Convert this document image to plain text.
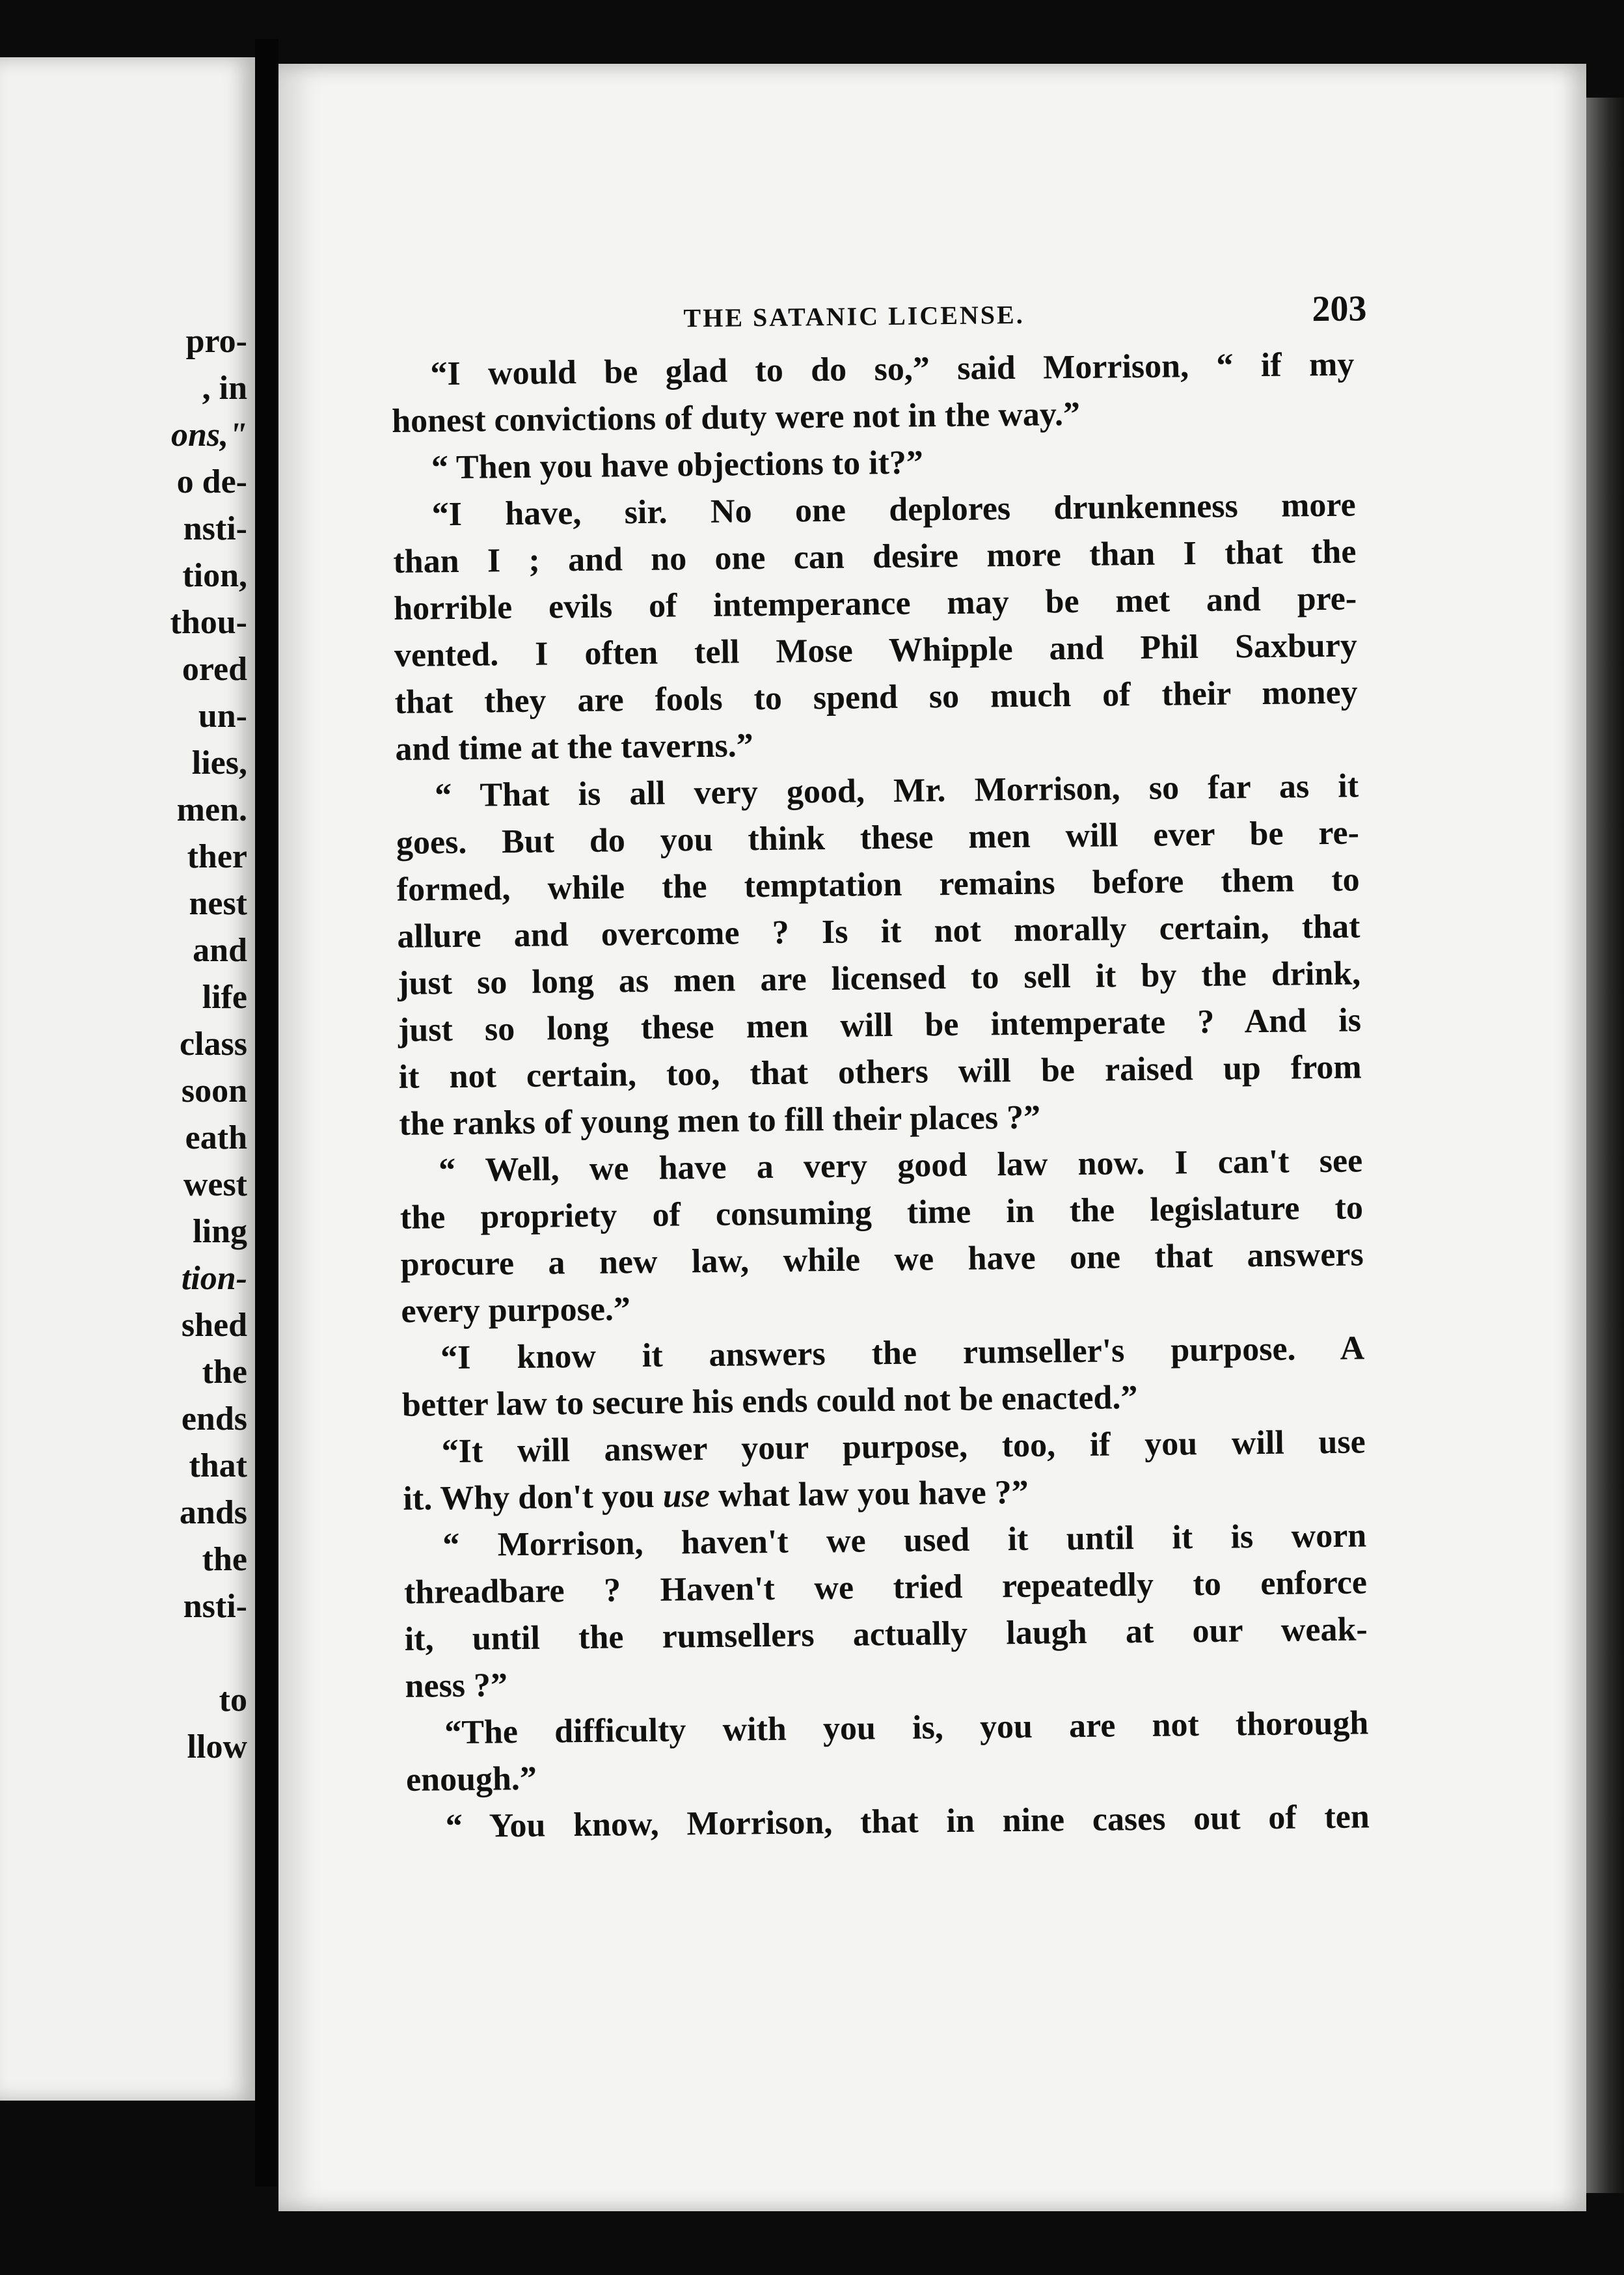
pro-
, in
ons,"
o de-
nsti-
tion,
thou-
ored
un-
lies,
men.
ther
nest
and
life
class
soon
eath
west
ling
tion-
shed
the
ends
that
ands
the
nsti-
to
llow
THE SATANIC LICENSE.	203
“I would be glad to do so,” said Morrison, “ if my
honest convictions of duty were not in the way.”
“ Then you have objections to it?”
“I have, sir. No one deplores drunkenness more
than I ; and no one can desire more than I that the
horrible evils of intemperance may be met and pre-
vented. I often tell Mose Whipple and Phil Saxbury
that they are fools to spend so much of their money
and time at the taverns.”
“ That is all very good, Mr. Morrison, so far as it
goes. But do you think these men will ever be re-
formed, while the temptation remains before them to
allure and overcome ? Is it not morally certain, that
just so long as men are licensed to sell it by the drink,
just so long these men will be intemperate ? And is
it not certain, too, that others will be raised up from
the ranks of young men to fill their places ?”
“ Well, we have a very good law now. I can't see
the propriety of consuming time in the legislature to
procure a new law, while we have one that answers
every purpose.”
“I know it answers the rumseller's purpose. A
better law to secure his ends could not be enacted.”
“It will answer your purpose, too, if you will use
it. Why don't you use what law you have ?”
“ Morrison, haven't we used it until it is worn
threadbare ? Haven't we tried repeatedly to enforce
it, until the rumsellers actually laugh at our weak-
ness ?”
“The difficulty with you is, you are not thorough
enough.”
“ You know, Morrison, that in nine cases out of ten
